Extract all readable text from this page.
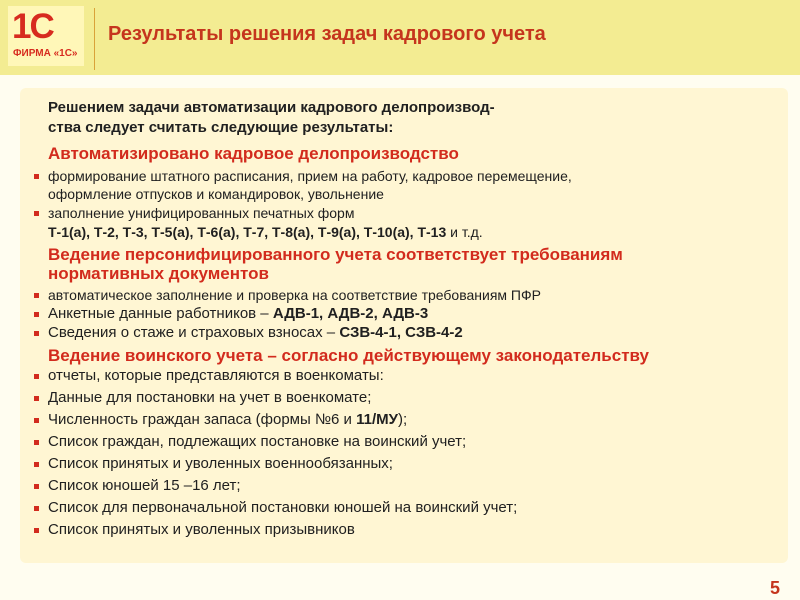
1С
ФИРМА «1С»
Результаты решения задач кадрового учета
Решением задачи автоматизации кадрового делопроизвод-
ства следует считать следующие результаты:
Автоматизировано кадровое делопроизводство
формирование штатного расписания, прием на работу, кадровое перемещение,
оформление отпусков и командировок, увольнение
заполнение унифицированных печатных форм
Т-1(а), Т-2, Т-3, Т-5(а), Т-6(а), Т-7, Т-8(а), Т-9(а), Т-10(а), Т-13 и т.д.
Ведение персонифицированного учета соответствует требованиям
нормативных документов
автоматическое заполнение и проверка на соответствие требованиям ПФР
Анкетные данные работников – АДВ-1, АДВ-2, АДВ-3
Сведения о стаже и страховых взносах – СЗВ-4-1, СЗВ-4-2
Ведение воинского учета – согласно действующему законодательству
отчеты, которые представляются в военкоматы:
Данные для постановки на учет в военкомате;
Численность граждан запаса (формы №6 и 11/МУ);
Список граждан, подлежащих постановке на воинский учет;
Список принятых и уволенных военнообязанных;
Список юношей 15 –16 лет;
Список для первоначальной постановки юношей на воинский учет;
Список принятых и уволенных призывников
5
